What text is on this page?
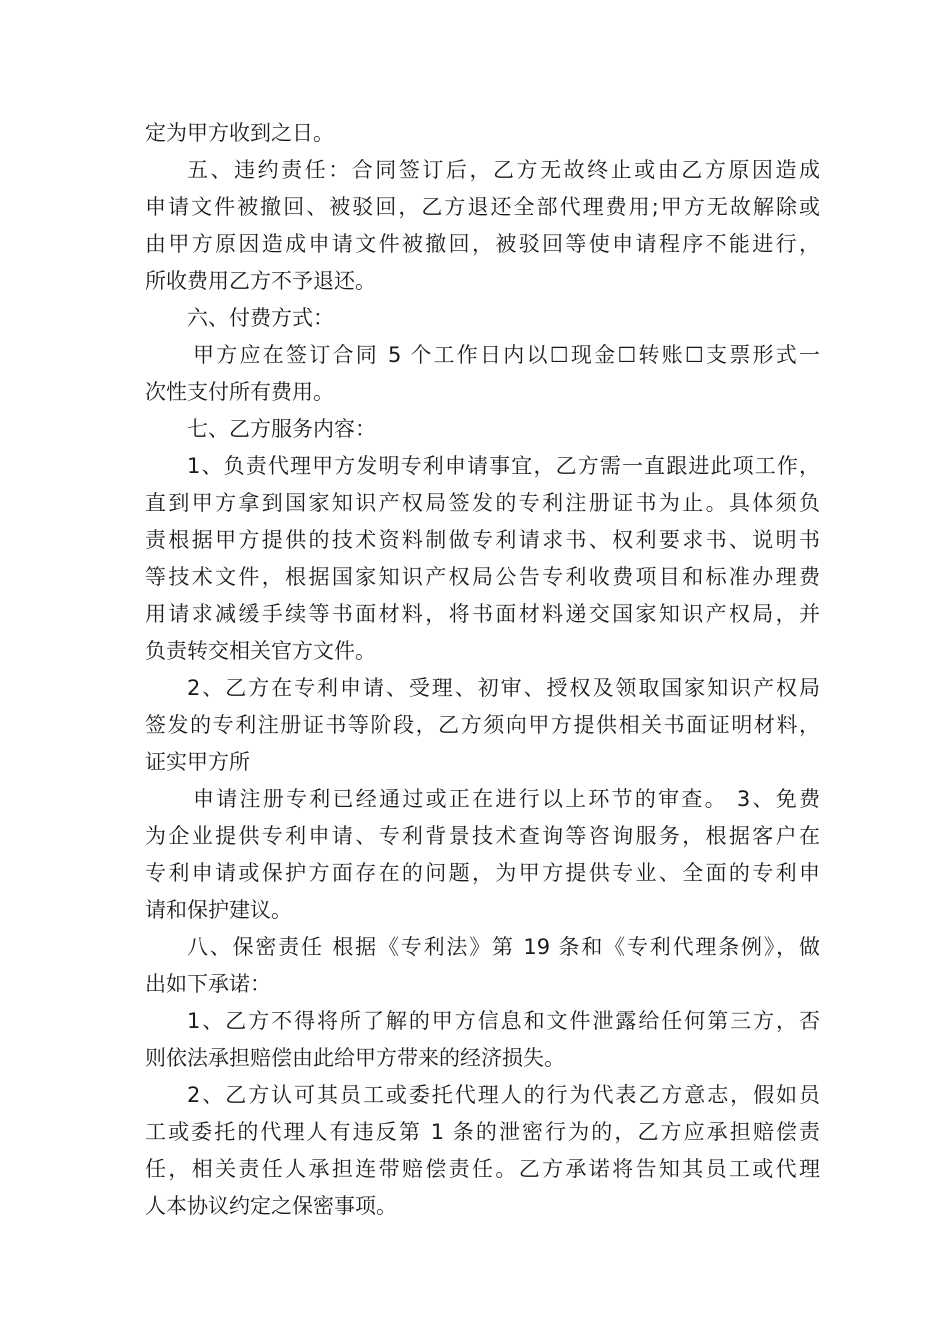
定为甲方收到之日。
五、违约责任：合同签订后，乙方无故终止或由乙方原因造成
申请文件被撤回、被驳回，乙方退还全部代理费用;甲方无故解除或
由甲方原因造成申请文件被撤回，被驳回等使申请程序不能进行，
所收费用乙方不予退还。
六、付费方式：
甲方应在签订合同 5 个工作日内以☐现金☐转账☐支票形式一
次性支付所有费用。
七、乙方服务内容：
1、负责代理甲方发明专利申请事宜，乙方需一直跟进此项工作，
直到甲方拿到国家知识产权局签发的专利注册证书为止。具体须负
责根据甲方提供的技术资料制做专利请求书、权利要求书、说明书
等技术文件，根据国家知识产权局公告专利收费项目和标准办理费
用请求减缓手续等书面材料，将书面材料递交国家知识产权局，并
负责转交相关官方文件。
2、乙方在专利申请、受理、初审、授权及领取国家知识产权局
签发的专利注册证书等阶段，乙方须向甲方提供相关书面证明材料，
证实甲方所
申请注册专利已经通过或正在进行以上环节的审查。 3、免费
为企业提供专利申请、专利背景技术查询等咨询服务，根据客户在
专利申请或保护方面存在的问题，为甲方提供专业、全面的专利申
请和保护建议。
八、保密责任 根据《专利法》第 19 条和《专利代理条例》，做
出如下承诺：
1、乙方不得将所了解的甲方信息和文件泄露给任何第三方，否
则依法承担赔偿由此给甲方带来的经济损失。
2、乙方认可其员工或委托代理人的行为代表乙方意志，假如员
工或委托的代理人有违反第 1 条的泄密行为的，乙方应承担赔偿责
任，相关责任人承担连带赔偿责任。乙方承诺将告知其员工或代理
人本协议约定之保密事项。
